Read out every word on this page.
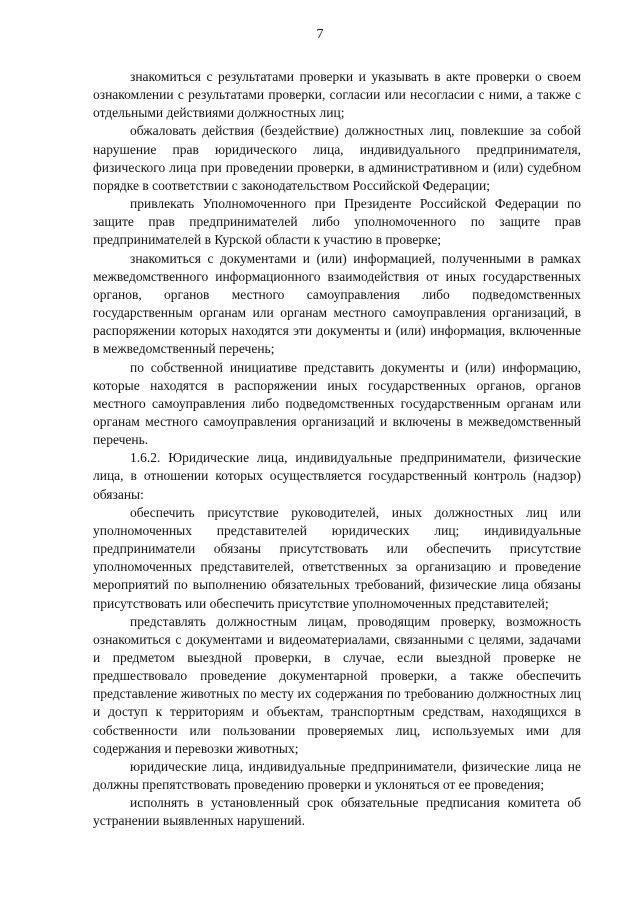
7

знакомиться с результатами проверки и указывать в акте проверки о своем ознакомлении с результатами проверки, согласии или несогласии с ними, а также с отдельными действиями должностных лиц;

обжаловать действия (бездействие) должностных лиц, повлекшие за собой нарушение прав юридического лица, индивидуального предпринимателя, физического лица при проведении проверки, в административном и (или) судебном порядке в соответствии с законодательством Российской Федерации;

привлекать Уполномоченного при Президенте Российской Федерации по защите прав предпринимателей либо уполномоченного по защите прав предпринимателей в Курской области к участию в проверке;

знакомиться с документами и (или) информацией, полученными в рамках межведомственного информационного взаимодействия от иных государственных органов, органов местного самоуправления либо подведомственных государственным органам или органам местного самоуправления организаций, в распоряжении которых находятся эти документы и (или) информация, включенные в межведомственный перечень;

по собственной инициативе представить документы и (или) информацию, которые находятся в распоряжении иных государственных органов, органов местного самоуправления либо подведомственных государственным органам или органам местного самоуправления организаций и включены в межведомственный перечень.

1.6.2. Юридические лица, индивидуальные предприниматели, физические лица, в отношении которых осуществляется государственный контроль (надзор) обязаны:

обеспечить присутствие руководителей, иных должностных лиц или уполномоченных представителей юридических лиц; индивидуальные предприниматели обязаны присутствовать или обеспечить присутствие уполномоченных представителей, ответственных за организацию и проведение мероприятий по выполнению обязательных требований, физические лица обязаны присутствовать или обеспечить присутствие уполномоченных представителей;

представлять должностным лицам, проводящим проверку, возможность ознакомиться с документами и видеоматериалами, связанными с целями, задачами и предметом выездной проверки, в случае, если выездной проверке не предшествовало проведение документарной проверки, а также обеспечить представление животных по месту их содержания по требованию должностных лиц и доступ к территориям и объектам, транспортным средствам, находящихся в собственности или пользовании проверяемых лиц, используемых ими для содержания и перевозки животных;

юридические лица, индивидуальные предприниматели, физические лица не должны препятствовать проведению проверки и уклоняться от ее проведения;

исполнять в установленный срок обязательные предписания комитета об устранении выявленных нарушений.
